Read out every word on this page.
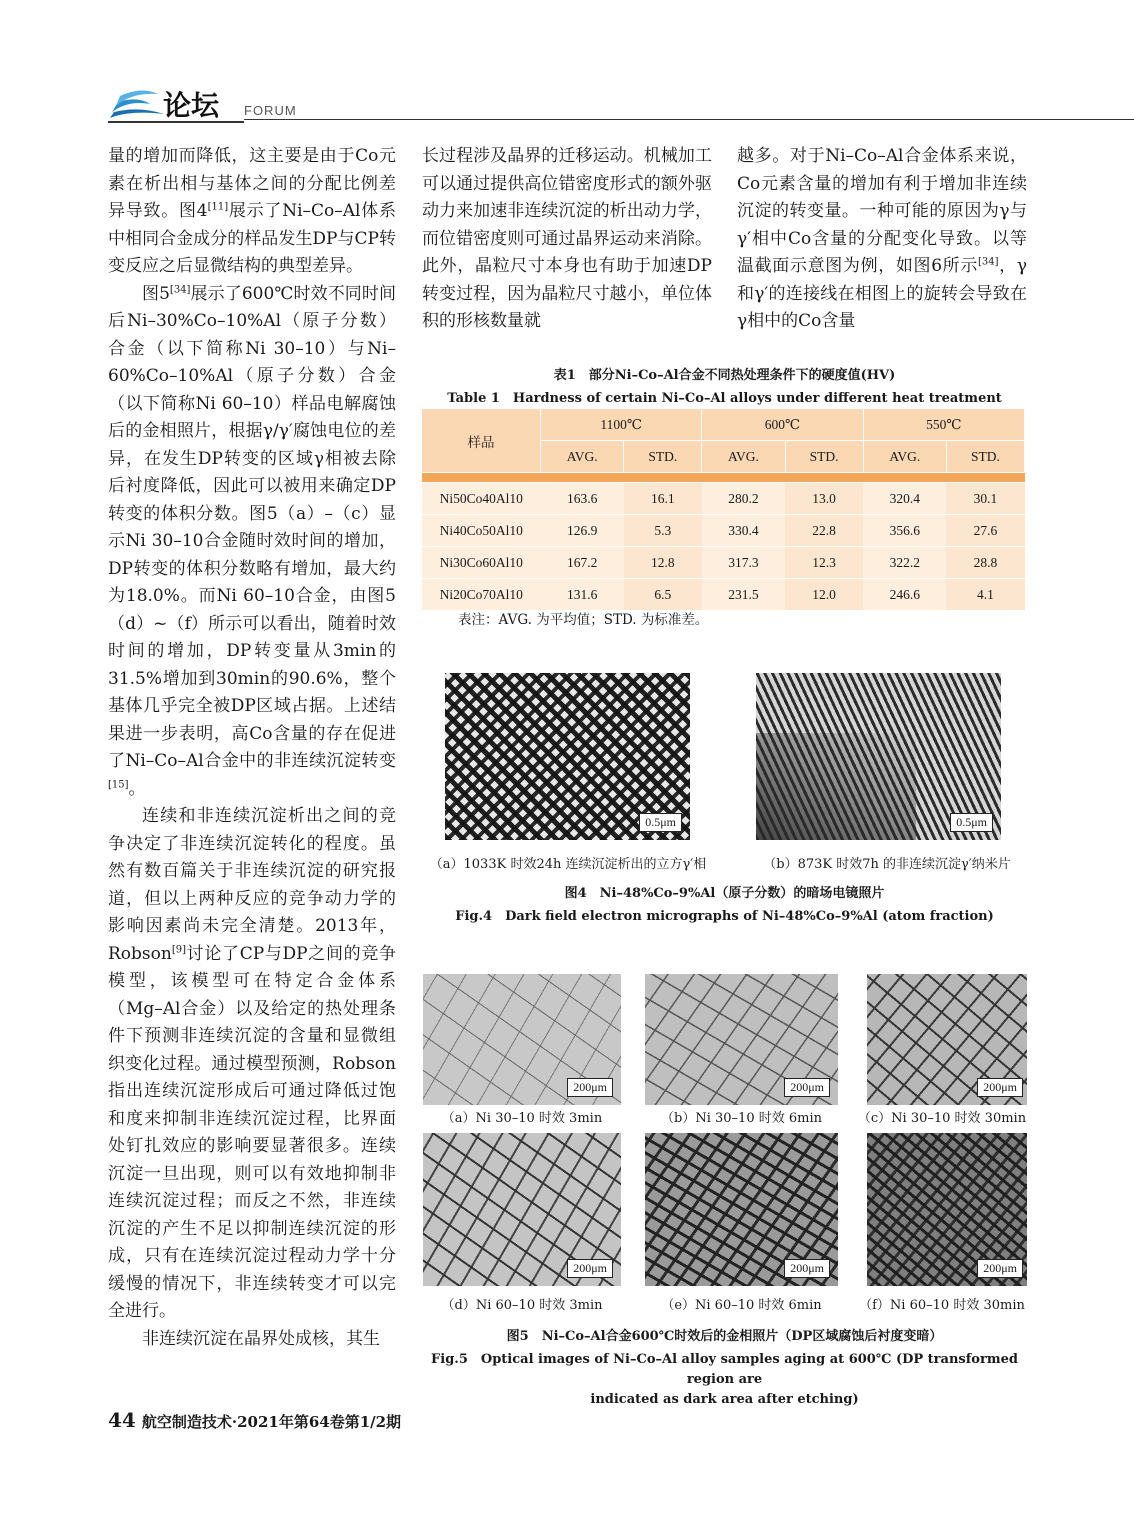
论坛 FORUM

量的增加而降低，这主要是由于Co元素在析出相与基体之间的分配比例差异导致。图4[11]展示了Ni–Co–Al体系中相同合金成分的样品发生DP与CP转变反应之后显微结构的典型差异。

图5[34]展示了600℃时效不同时间后Ni–30%Co–10%Al（原子分数）合金（以下简称Ni 30–10）与Ni–60%Co–10%Al（原子分数）合金（以下简称Ni 60–10）样品电解腐蚀后的金相照片，根据γ/γ′腐蚀电位的差异，在发生DP转变的区域γ相被去除后衬度降低，因此可以被用来确定DP转变的体积分数。图5（a）–（c）显示Ni 30–10合金随时效时间的增加，DP转变的体积分数略有增加，最大约为18.0%。而Ni 60–10合金，由图5（d）~（f）所示可以看出，随着时效时间的增加，DP转变量从3min的31.5%增加到30min的90.6%，整个基体几乎完全被DP区域占据。上述结果进一步表明，高Co含量的存在促进了Ni–Co–Al合金中的非连续沉淀转变[15]。

连续和非连续沉淀析出之间的竞争决定了非连续沉淀转化的程度。虽然有数百篇关于非连续沉淀的研究报道，但以上两种反应的竞争动力学的影响因素尚未完全清楚。2013年，Robson[9]讨论了CP与DP之间的竞争模型，该模型可在特定合金体系（Mg–Al合金）以及给定的热处理条件下预测非连续沉淀的含量和显微组织变化过程。通过模型预测，Robson指出连续沉淀形成后可通过降低过饱和度来抑制非连续沉淀过程，比界面处钉扎效应的影响要显著很多。连续沉淀一旦出现，则可以有效地抑制非连续沉淀过程；而反之不然，非连续沉淀的产生不足以抑制连续沉淀的形成，只有在连续沉淀过程动力学十分缓慢的情况下，非连续转变才可以完全进行。

非连续沉淀在晶界处成核，其生

长过程涉及晶界的迁移运动。机械加工可以通过提供高位错密度形式的额外驱动力来加速非连续沉淀的析出动力学，而位错密度则可通过晶界运动来消除。此外，晶粒尺寸本身也有助于加速DP转变过程，因为晶粒尺寸越小，单位体积的形核数量就

越多。对于Ni–Co–Al合金体系来说，Co元素含量的增加有利于增加非连续沉淀的转变量。一种可能的原因为γ与γ′相中Co含量的分配变化导致。以等温截面示意图为例，如图6所示[34]，γ和γ′的连接线在相图上的旋转会导致在γ相中的Co含量

表1　部分Ni–Co–Al合金不同热处理条件下的硬度值(HV)
Table 1　Hardness of certain Ni–Co–Al alloys under different heat treatment

样品	1100℃		600℃		550℃	
	AVG.	STD.	AVG.	STD.	AVG.	STD.
Ni50Co40Al10	163.6	16.1	280.2	13.0	320.4	30.1
Ni40Co50Al10	126.9	5.3	330.4	22.8	356.6	27.6
Ni30Co60Al10	167.2	12.8	317.3	12.3	322.2	28.8
Ni20Co70Al10	131.6	6.5	231.5	12.0	246.6	4.1
表注：AVG. 为平均值；STD. 为标准差。
0.5μm	0.5μm
（a）1033K 时效24h 连续沉淀析出的立方γ′相	（b）873K 时效7h 的非连续沉淀γ′纳米片
图4　Ni–48%Co–9%Al（原子分数）的暗场电镜照片
Fig.4　Dark field electron micrographs of Ni–48%Co–9%Al (atom fraction)
200μm	200μm	200μm
（a）Ni 30–10 时效 3min	（b）Ni 30–10 时效 6min	（c）Ni 30–10 时效 30min
200μm	200μm	200μm
（d）Ni 60–10 时效 3min	（e）Ni 60–10 时效 6min	（f）Ni 60–10 时效 30min
图5　Ni–Co–Al合金600℃时效后的金相照片（DP区域腐蚀后衬度变暗）
Fig.5　Optical images of Ni–Co–Al alloy samples aging at 600℃ (DP transformed region are
indicated as dark area after etching)
44 航空制造技术·2021年第64卷第1/2期
